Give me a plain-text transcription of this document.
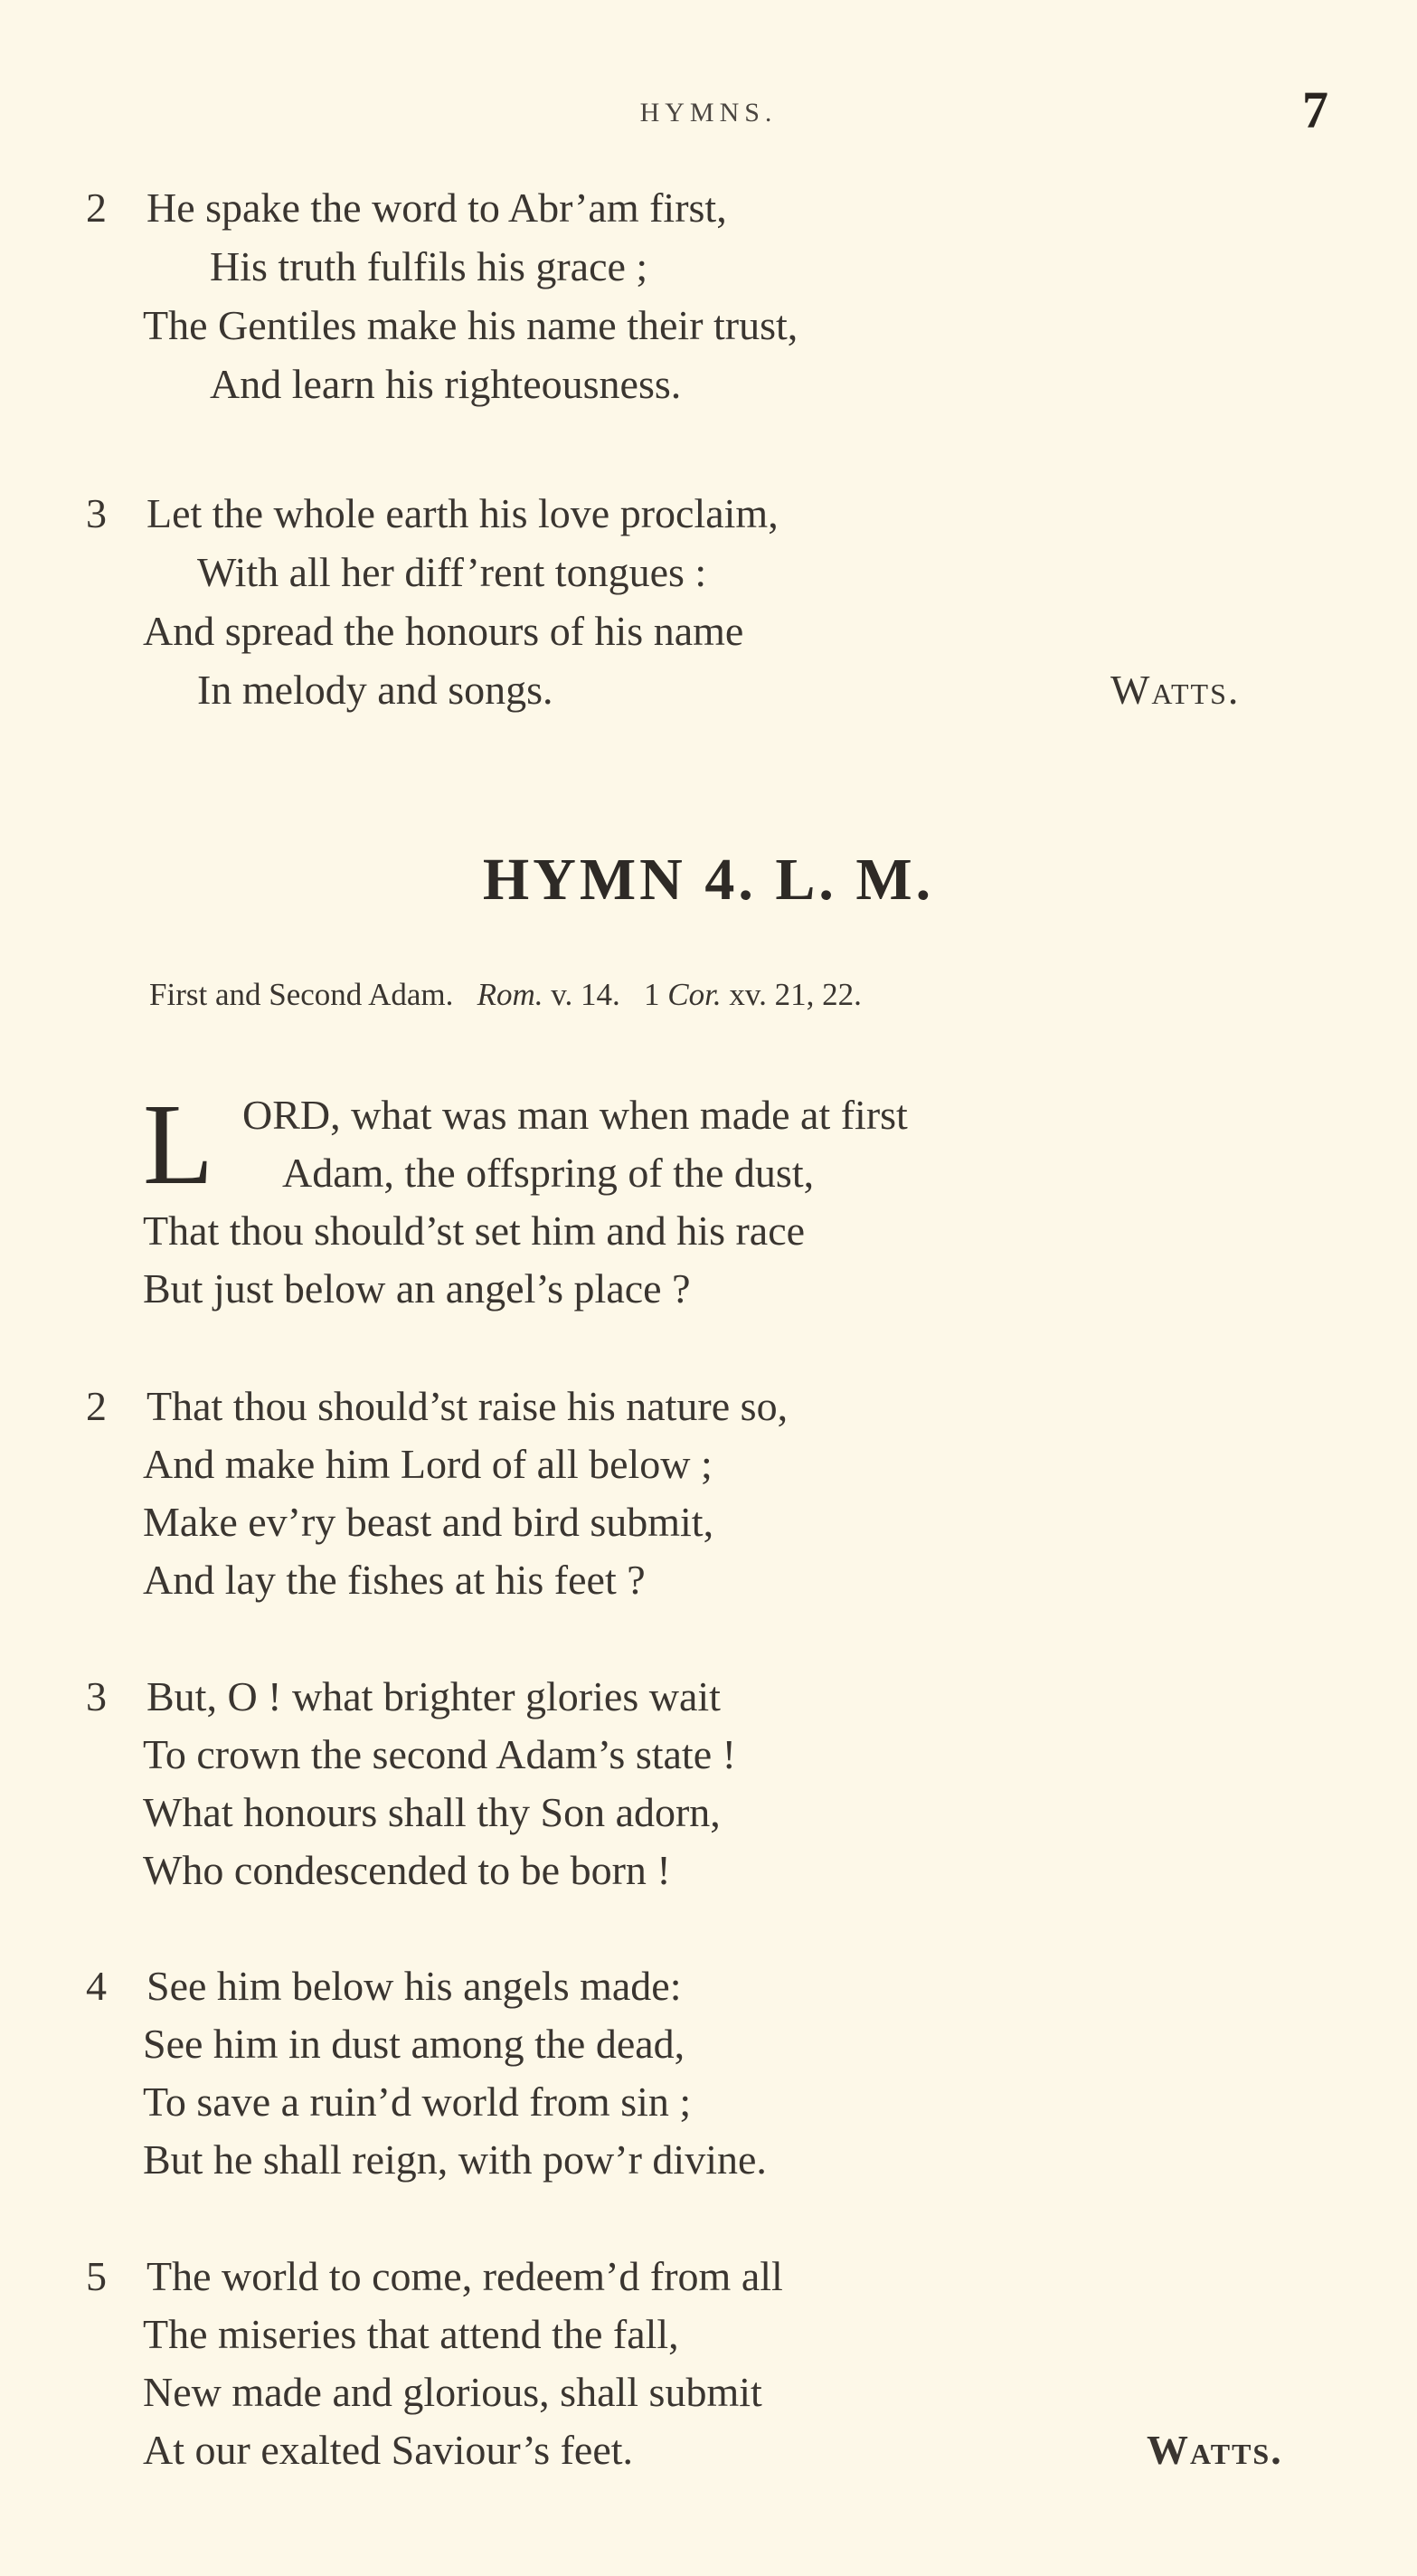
HYMNS.	7
2 He spake the word to Abr’am first,
His truth fulfils his grace ;
The Gentiles make his name their trust,
And learn his righteousness.
3 Let the whole earth his love proclaim,
With all her diff’rent tongues :
And spread the honours of his name
In melody and songs.	Watts.
HYMN 4. L. M.
First and Second Adam. Rom. v. 14. 1 Cor. xv. 21, 22.
L ORD, what was man when made at first
Adam, the offspring of the dust,
That thou should’st set him and his race
But just below an angel’s place ?
2 That thou should’st raise his nature so,
And make him Lord of all below ;
Make ev’ry beast and bird submit,
And lay the fishes at his feet ?
3 But, O ! what brighter glories wait
To crown the second Adam’s state !
What honours shall thy Son adorn,
Who condescended to be born !
4 See him below his angels made:
See him in dust among the dead,
To save a ruin’d world from sin ;
But he shall reign, with pow’r divine.
5 The world to come, redeem’d from all
The miseries that attend the fall,
New made and glorious, shall submit
At our exalted Saviour’s feet.	Watts.
